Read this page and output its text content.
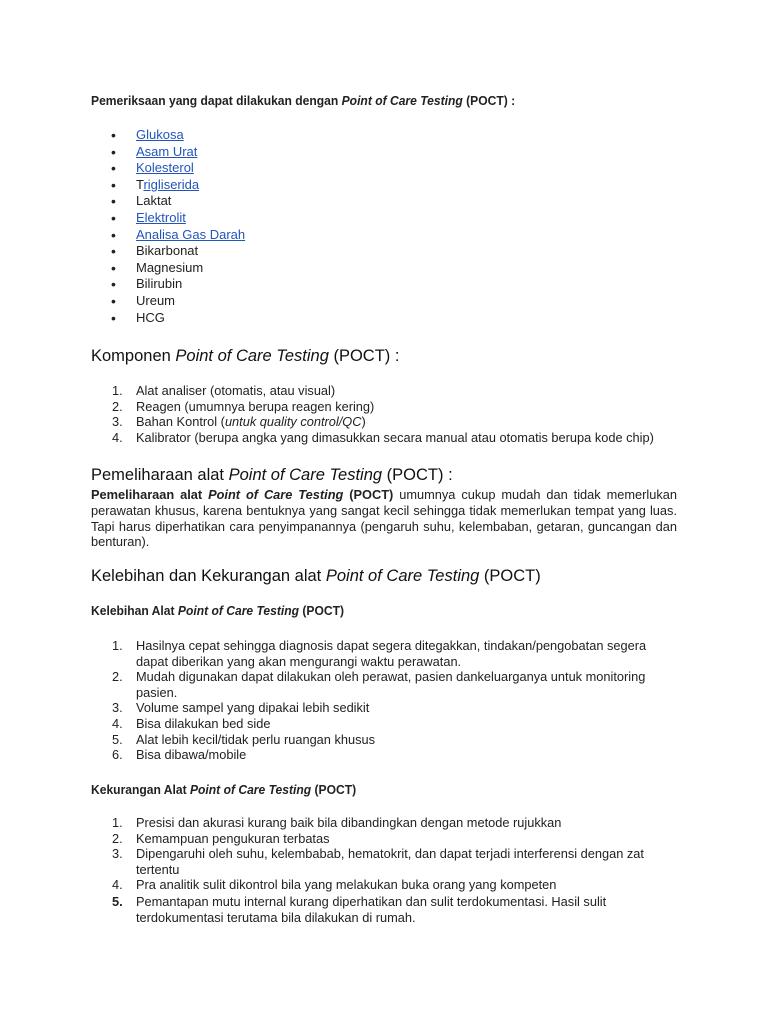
Pemeriksaan yang dapat dilakukan dengan Point of Care Testing (POCT) :
• Glukosa
• Asam Urat
• Kolesterol
• Trigliserida
• Laktat
• Elektrolit
• Analisa Gas Darah
• Bikarbonat
• Magnesium
• Bilirubin
• Ureum
• HCG
Komponen Point of Care Testing (POCT) :
1. Alat analiser (otomatis, atau visual)
2. Reagen (umumnya berupa reagen kering)
3. Bahan Kontrol (untuk quality control/QC)
4. Kalibrator (berupa angka yang dimasukkan secara manual atau otomatis berupa kode chip)
Pemeliharaan alat Point of Care Testing (POCT) :

Pemeliharaan alat Point of Care Testing (POCT) umumnya cukup mudah dan tidak memerlukan perawatan khusus, karena bentuknya yang sangat kecil sehingga tidak memerlukan tempat yang luas. Tapi harus diperhatikan cara penyimpanannya (pengaruh suhu, kelembaban, getaran, guncangan dan benturan).

Kelebihan dan Kekurangan alat Point of Care Testing (POCT)
Kelebihan Alat Point of Care Testing (POCT)
1. Hasilnya cepat sehingga diagnosis dapat segera ditegakkan, tindakan/pengobatan segera dapat diberikan yang akan mengurangi waktu perawatan.
2. Mudah digunakan dapat dilakukan oleh perawat, pasien dankeluarganya untuk monitoring pasien.
3. Volume sampel yang dipakai lebih sedikit
4. Bisa dilakukan bed side
5. Alat lebih kecil/tidak perlu ruangan khusus
6. Bisa dibawa/mobile
Kekurangan Alat Point of Care Testing (POCT)
1. Presisi dan akurasi kurang baik bila dibandingkan dengan metode rujukkan
2. Kemampuan pengukuran terbatas
3. Dipengaruhi oleh suhu, kelembabab, hematokrit, dan dapat terjadi interferensi dengan zat tertentu
4. Pra analitik sulit dikontrol bila yang melakukan buka orang yang kompeten
5. Pemantapan mutu internal kurang diperhatikan dan sulit terdokumentasi. Hasil sulit terdokumentasi terutama bila dilakukan di rumah.
